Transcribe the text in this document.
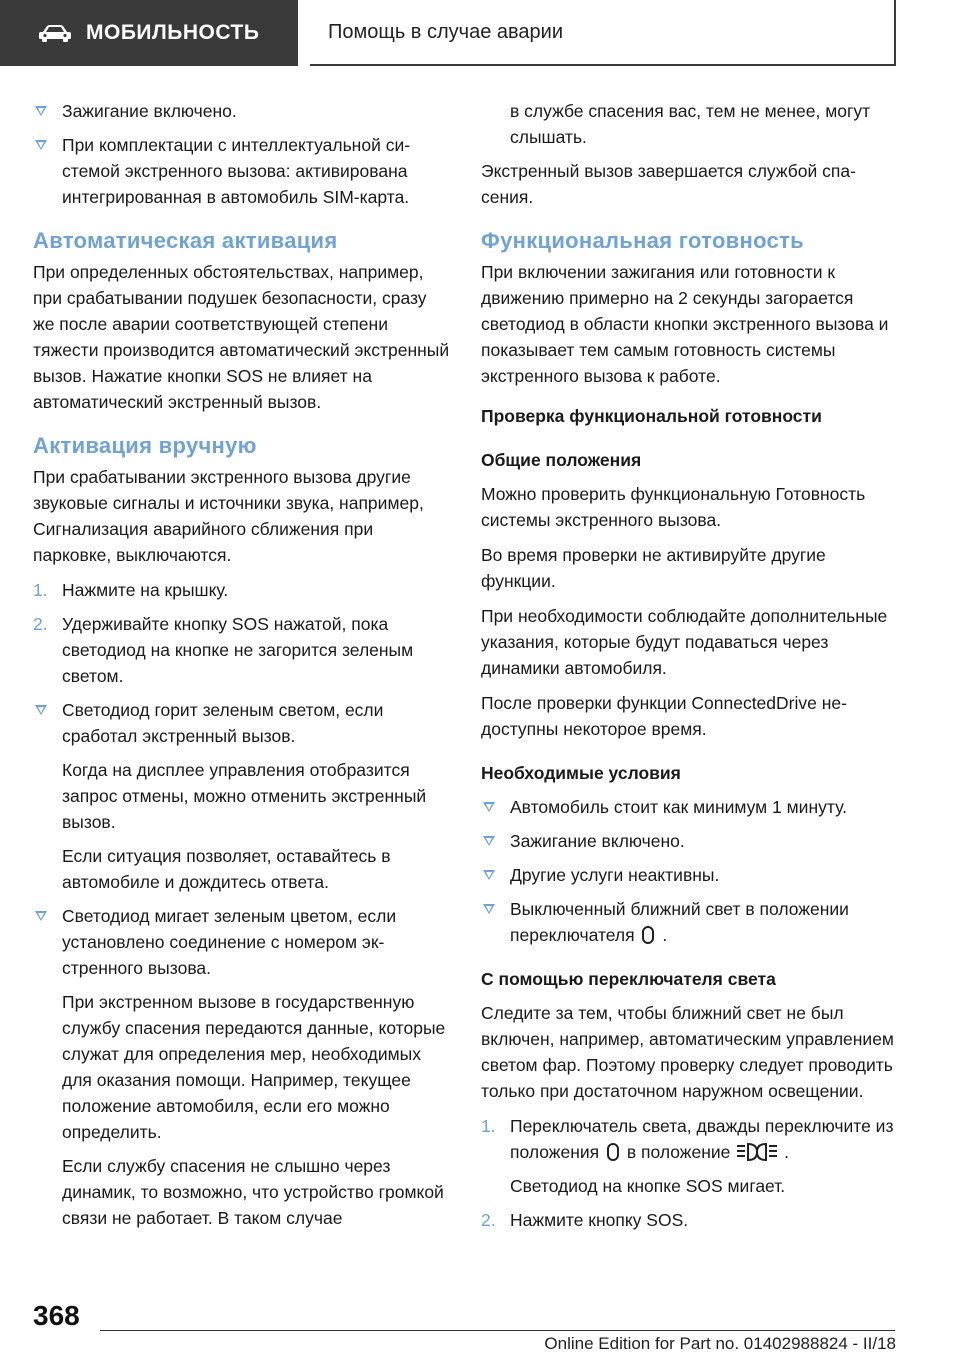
МОБИЛЬНОСТЬ	Помощь в случае аварии
Зажигание включено.
При комплектации с интеллектуальной системой экстренного вызова: активирована интегрированная в автомобиль SIM-карта.
Автоматическая активация

При определенных обстоятельствах, например, при срабатывании подушек безопасности, сразу же после аварии соответствующей степени тяжести производится автоматический экстренный вызов. Нажатие кнопки SOS не влияет на автоматический экстренный вызов.

Активация вручную

При срабатывании экстренного вызова другие звуковые сигналы и источники звука, например, Сигнализация аварийного сближения при парковке, выключаются.

1. Нажмите на крышку.
2. Удерживайте кнопку SOS нажатой, пока светодиод на кнопке не загорится зеленым светом.
Светодиод горит зеленым светом, если сработал экстренный вызов.
Когда на дисплее управления отобразится запрос отмены, можно отменить экстренный вызов.
Если ситуация позволяет, оставайтесь в автомобиле и дождитесь ответа.
Светодиод мигает зеленым цветом, если установлено соединение с номером экстренного вызова.
При экстренном вызове в государственную службу спасения передаются данные, которые служат для определения мер, необходимых для оказания помощи. Например, текущее положение автомобиля, если его можно определить.
Если службу спасения не слышно через динамик, то возможно, что устройство громкой связи не работает. В таком случае
в службе спасения вас, тем не менее, могут слышать.

Экстренный вызов завершается службой спасения.

Функциональная готовность

При включении зажигания или готовности к движению примерно на 2 секунды загорается светодиод в области кнопки экстренного вызова и показывает тем самым готовность системы экстренного вызова к работе.

Проверка функциональной готовности
Общие положения

Можно проверить функциональную Готовность системы экстренного вызова.

Во время проверки не активируйте другие функции.

При необходимости соблюдайте дополнительные указания, которые будут подаваться через динамики автомобиля.

После проверки функции ConnectedDrive недоступны некоторое время.

Необходимые условия
Автомобиль стоит как минимум 1 минуту.
Зажигание включено.
Другие услуги неактивны.
Выключенный ближний свет в положении переключателя .
С помощью переключателя света

Следите за тем, чтобы ближний свет не был включен, например, автоматическим управлением светом фар. Поэтому проверку следует проводить только при достаточном наружном освещении.

1. Переключатель света, дважды переключите из положения в положение	.
Светодиод на кнопке SOS мигает.
2. Нажмите кнопку SOS.
368
Online Edition for Part no. 01402988824 - II/18
